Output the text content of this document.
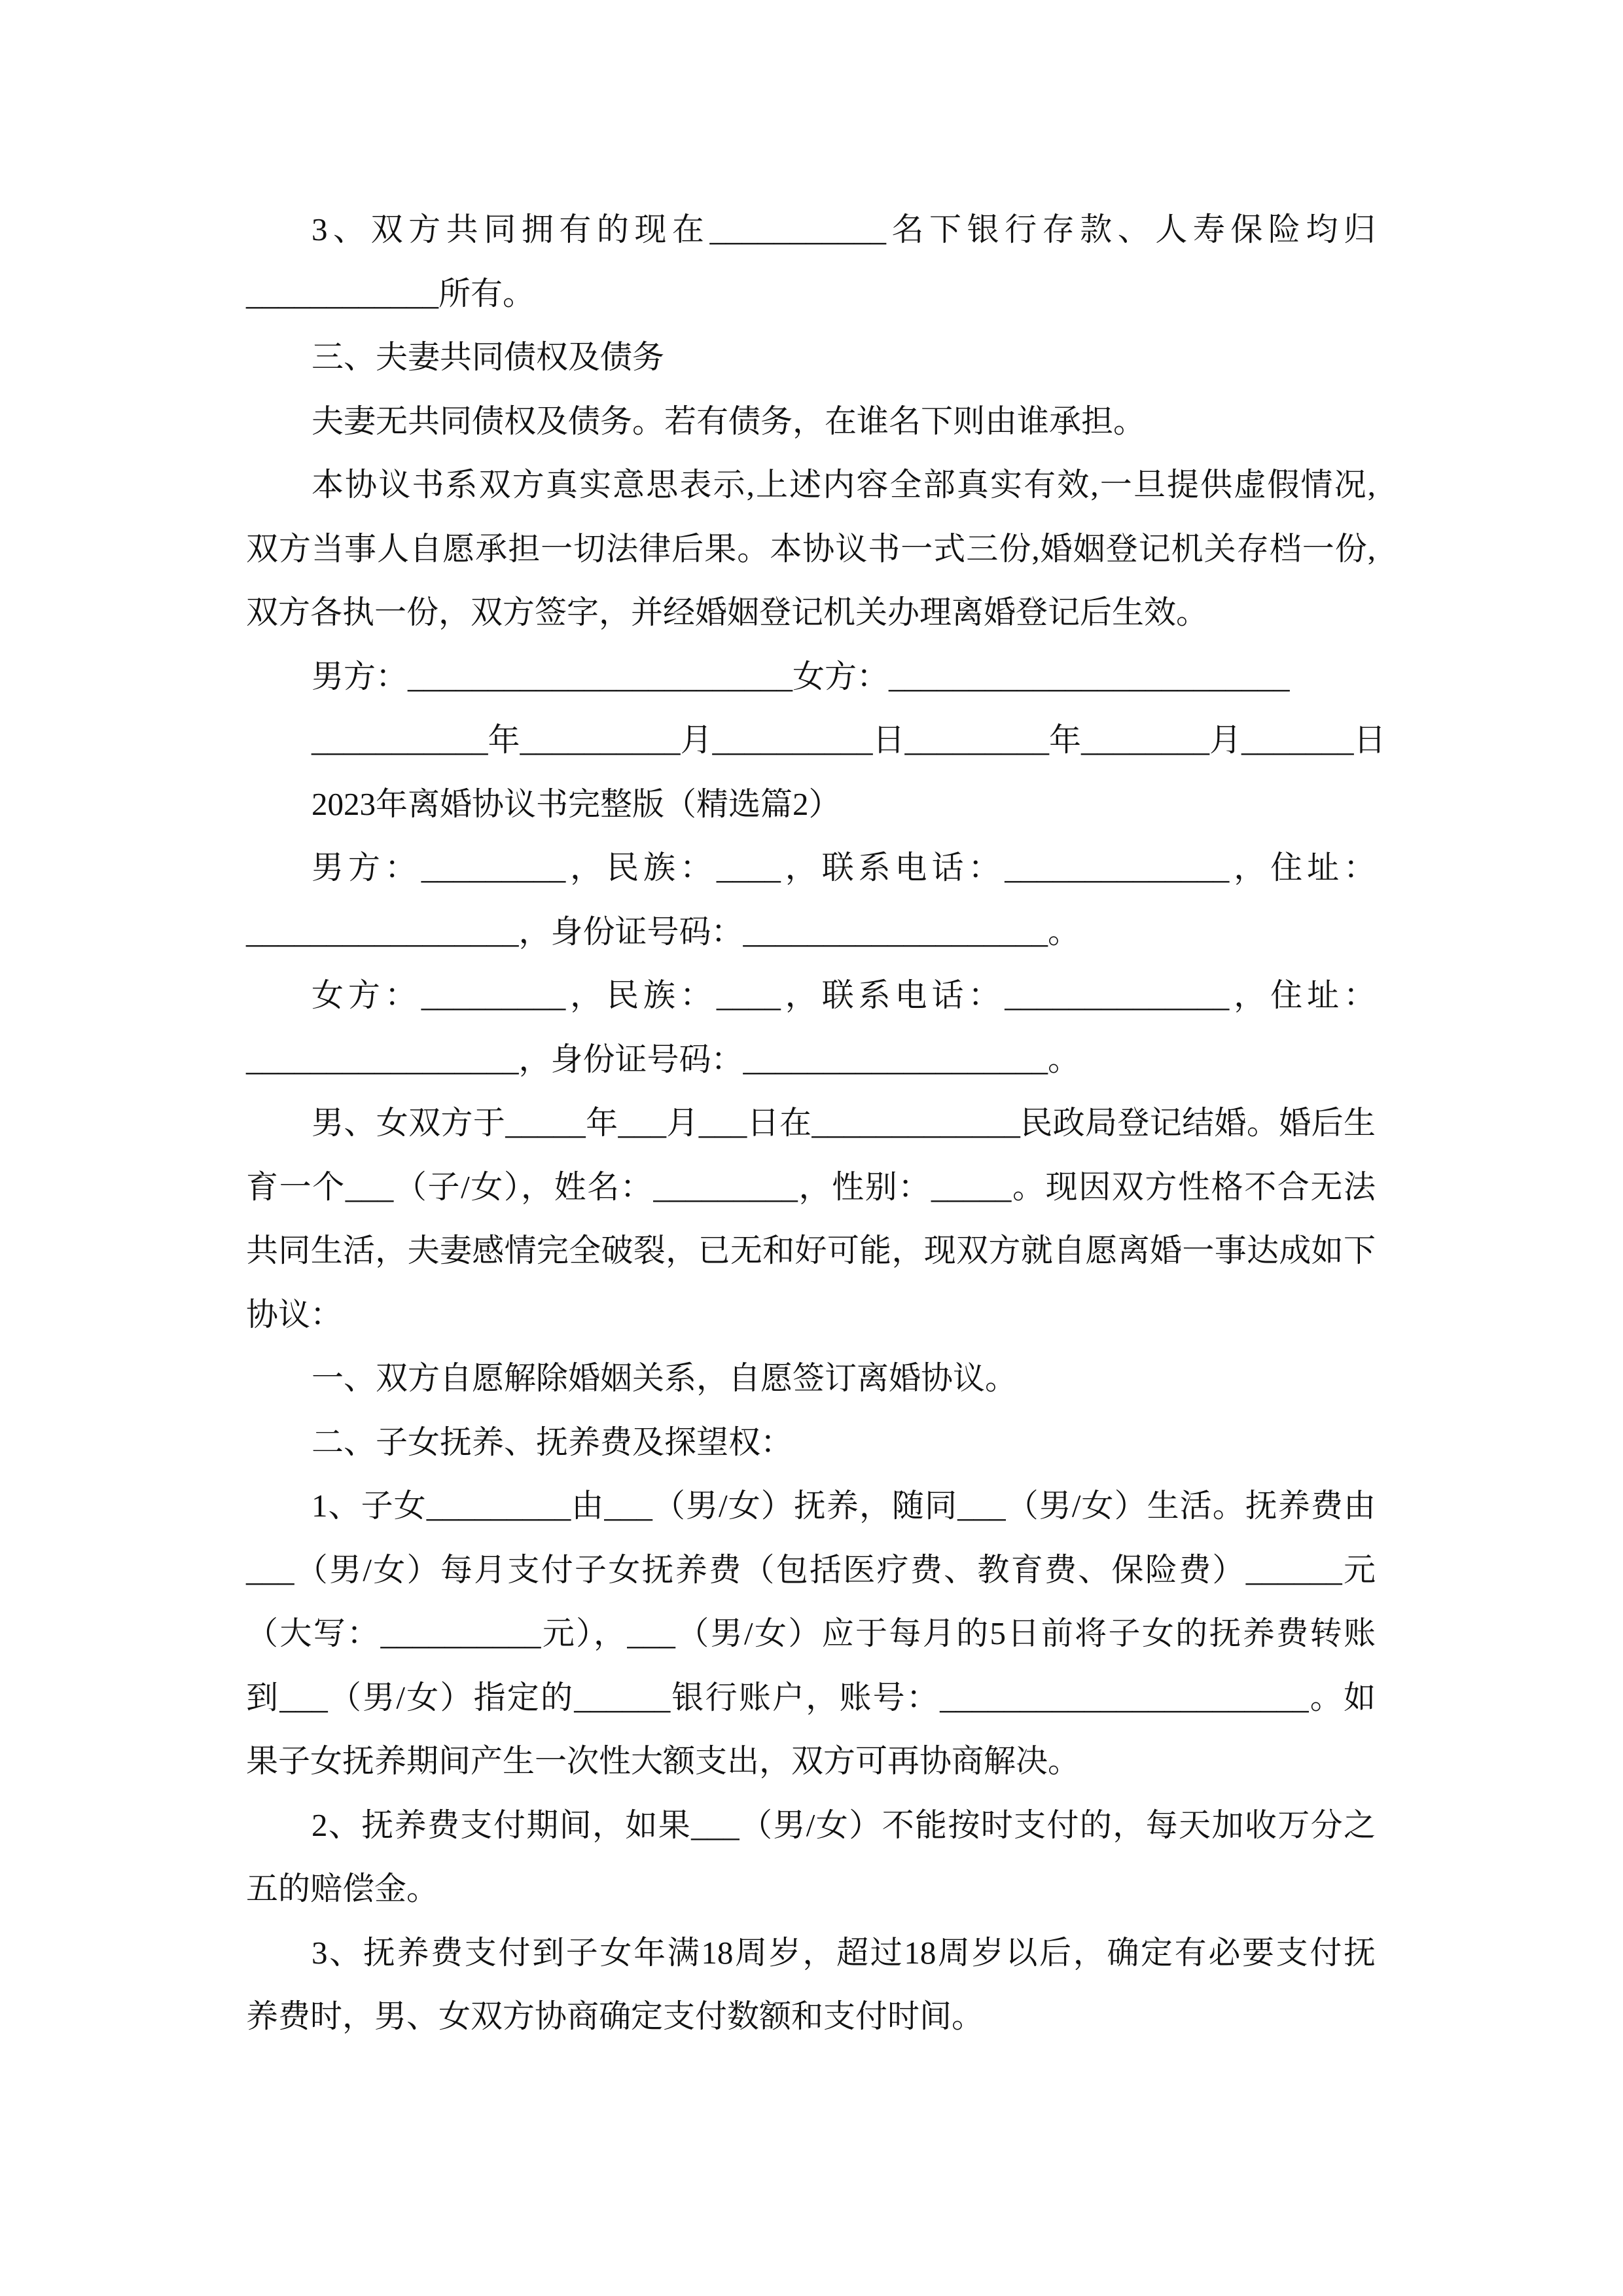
3、双方共同拥有的现在___________名下银行存款、人寿保险均归
____________所有。
三、夫妻共同债权及债务
夫妻无共同债权及债务。若有债务，在谁名下则由谁承担。
本协议书系双方真实意思表示,上述内容全部真实有效,一旦提供虚假情况,
双方当事人自愿承担一切法律后果。本协议书一式三份,婚姻登记机关存档一份,
双方各执一份，双方签字，并经婚姻登记机关办理离婚登记后生效。
男方：________________________女方：_________________________
___________年__________月__________日_________年________月_______日
2023年离婚协议书完整版（精选篇2）
男方：_________，民族：____，联系电话：______________，住址：
_________________，身份证号码：___________________。
女方：_________，民族：____，联系电话：______________，住址：
_________________，身份证号码：___________________。
男、女双方于_____年___月___日在_____________民政局登记结婚。婚后生
育一个___（子/女），姓名：_________，性别：_____。现因双方性格不合无法
共同生活，夫妻感情完全破裂，已无和好可能，现双方就自愿离婚一事达成如下
协议：
一、双方自愿解除婚姻关系，自愿签订离婚协议。
二、子女抚养、抚养费及探望权：
1、子女_________由___（男/女）抚养，随同___（男/女）生活。抚养费由
___（男/女）每月支付子女抚养费（包括医疗费、教育费、保险费）______元
（大写：__________元），___（男/女）应于每月的5日前将子女的抚养费转账
到___（男/女）指定的______银行账户，账号：_______________________。如
果子女抚养期间产生一次性大额支出，双方可再协商解决。
2、抚养费支付期间，如果___（男/女）不能按时支付的，每天加收万分之
五的赔偿金。
3、抚养费支付到子女年满18周岁，超过18周岁以后，确定有必要支付抚
养费时，男、女双方协商确定支付数额和支付时间。
